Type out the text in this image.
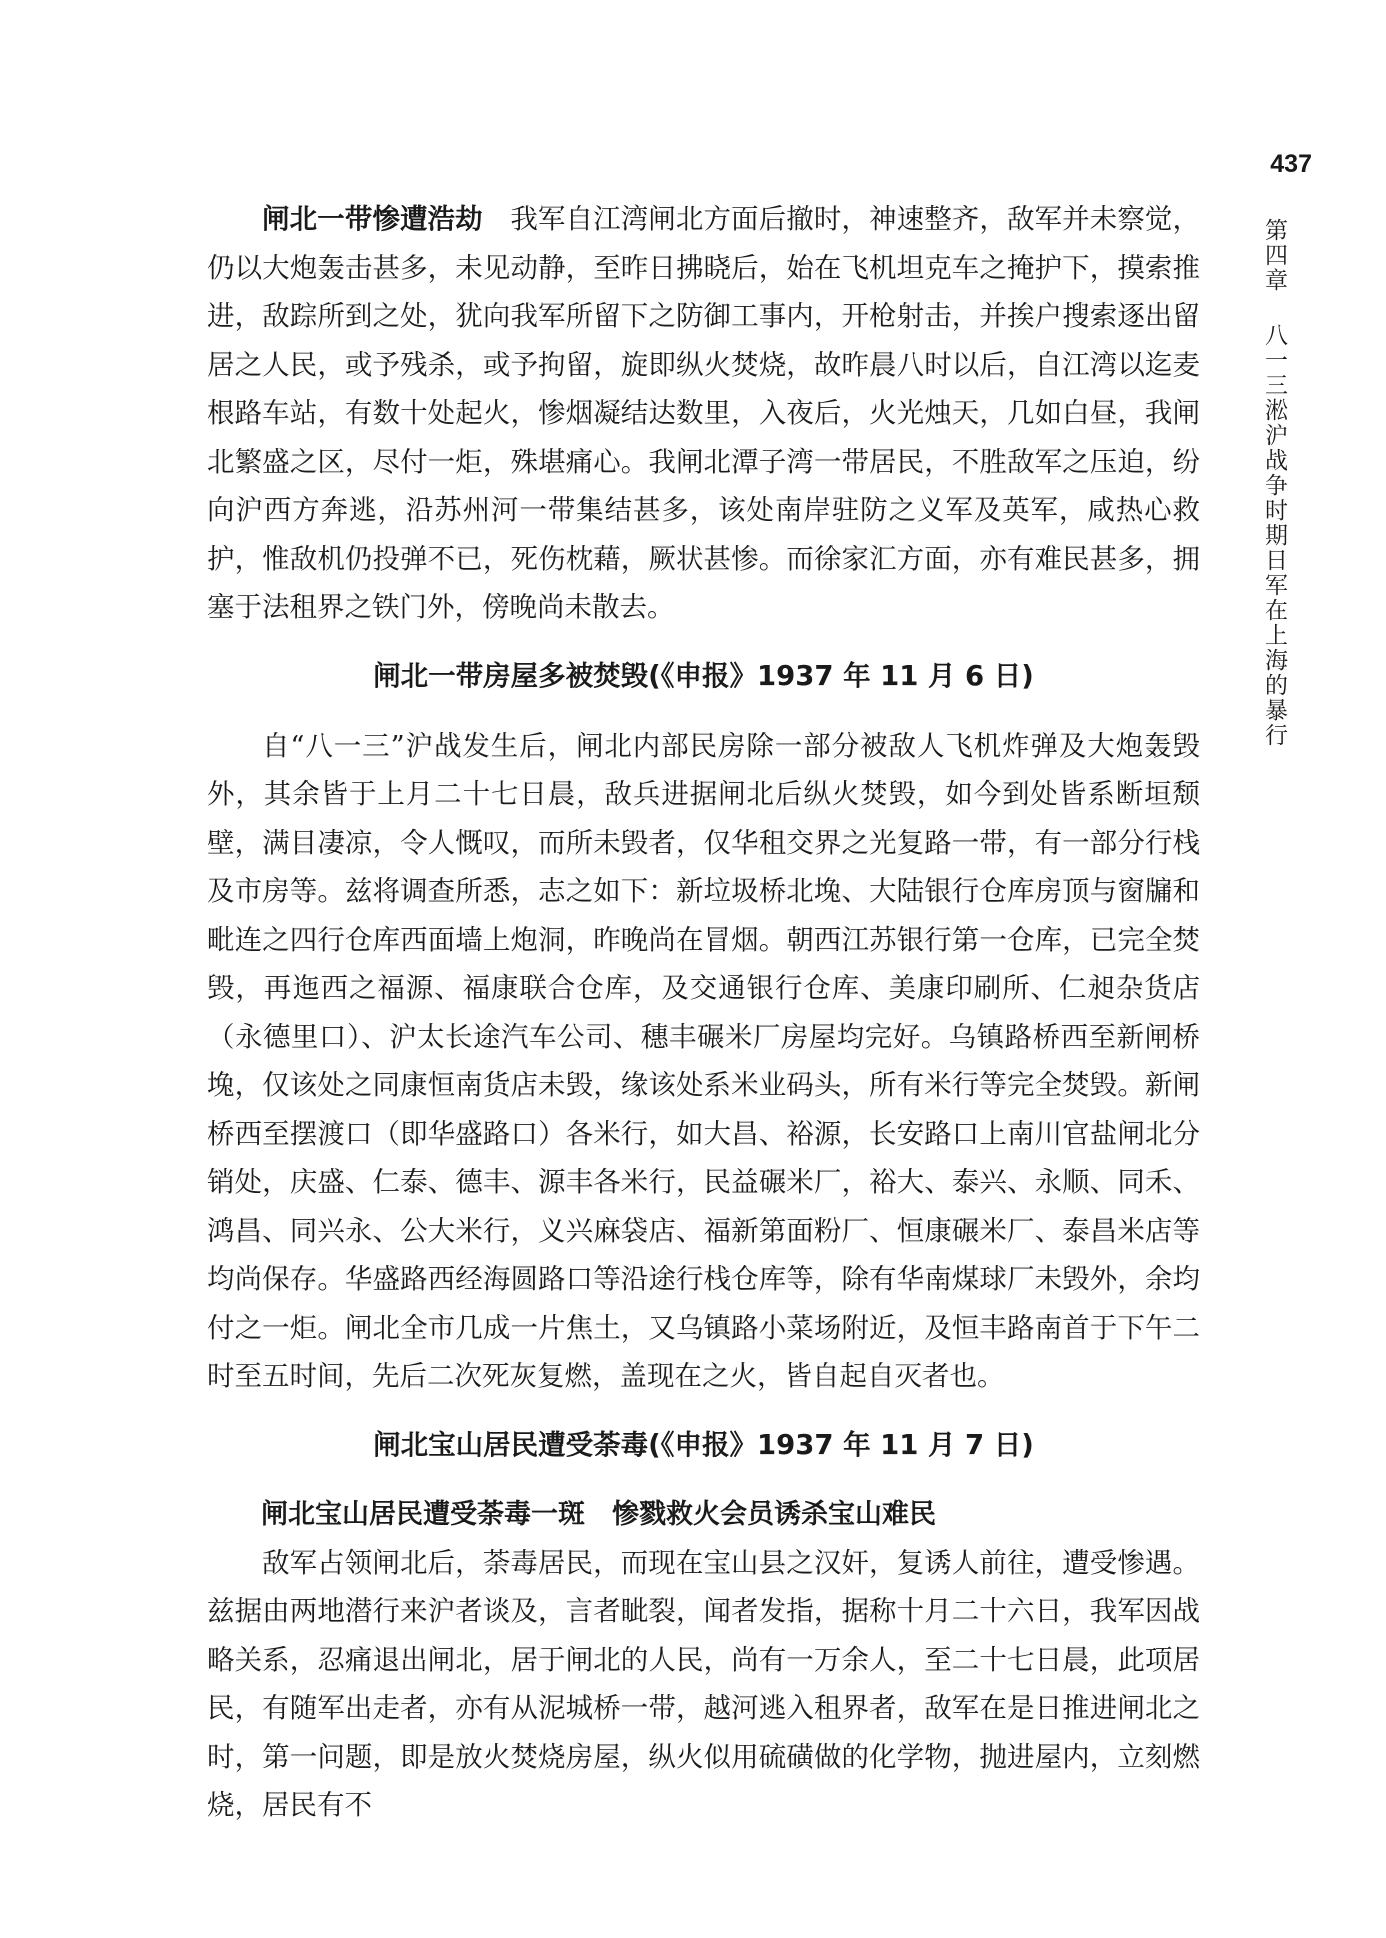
437
第四章八一三淞沪战争时期日军在上海的暴行

闸北一带惨遭浩劫　 我军自江湾闸北方面后撤时，神速整齐，敌军并未察觉，仍以大炮轰击甚多，未见动静，至昨日拂晓后，始在飞机坦克车之掩护下，摸索推进，敌踪所到之处，犹向我军所留下之防御工事内，开枪射击，并挨户搜索逐出留居之人民，或予残杀，或予拘留，旋即纵火焚烧，故昨晨八时以后，自江湾以迄麦根路车站，有数十处起火，惨烟凝结达数里，入夜后，火光烛天，几如白昼，我闸北繁盛之区，尽付一炬，殊堪痛心。我闸北潭子湾一带居民，不胜敌军之压迫，纷向沪西方奔逃，沿苏州河一带集结甚多，该处南岸驻防之义军及英军，咸热心救护，惟敌机仍投弹不已，死伤枕藉，厥状甚惨。而徐家汇方面，亦有难民甚多，拥塞于法租界之铁门外，傍晚尚未散去。

闸北一带房屋多被焚毁(《申报》1937 年 11 月 6 日)

自“八一三”沪战发生后，闸北内部民房除一部分被敌人飞机炸弹及大炮轰毁外，其余皆于上月二十七日晨，敌兵进据闸北后纵火焚毁，如今到处皆系断垣颓壁，满目凄凉，令人慨叹，而所未毁者，仅华租交界之光复路一带，有一部分行栈及市房等。兹将调查所悉，志之如下：新垃圾桥北堍、大陆银行仓库房顶与窗牖和毗连之四行仓库西面墙上炮洞，昨晚尚在冒烟。朝西江苏银行第一仓库，已完全焚毁，再迤西之福源、福康联合仓库，及交通银行仓库、美康印刷所、仁昶杂货店（永德里口）、沪太长途汽车公司、穗丰碾米厂房屋均完好。乌镇路桥西至新闸桥堍，仅该处之同康恒南货店未毁，缘该处系米业码头，所有米行等完全焚毁。新闸桥西至摆渡口（即华盛路口）各米行，如大昌、裕源，长安路口上南川官盐闸北分销处，庆盛、仁泰、德丰、源丰各米行，民益碾米厂，裕大、泰兴、永顺、同禾、鸿昌、同兴永、公大米行，义兴麻袋店、福新第面粉厂、恒康碾米厂、泰昌米店等均尚保存。华盛路西经海圆路口等沿途行栈仓库等，除有华南煤球厂未毁外，余均付之一炬。闸北全市几成一片焦土，又乌镇路小菜场附近，及恒丰路南首于下午二时至五时间，先后二次死灰复燃，盖现在之火，皆自起自灭者也。

闸北宝山居民遭受荼毒(《申报》1937 年 11 月 7 日)

闸北宝山居民遭受荼毒一斑　惨戮救火会员诱杀宝山难民

敌军占领闸北后，荼毒居民，而现在宝山县之汉奸，复诱人前往，遭受惨遇。兹据由两地潜行来沪者谈及，言者眦裂，闻者发指，据称十月二十六日，我军因战略关系，忍痛退出闸北，居于闸北的人民，尚有一万余人，至二十七日晨，此项居民，有随军出走者，亦有从泥城桥一带，越河逃入租界者，敌军在是日推进闸北之时，第一问题，即是放火焚烧房屋，纵火似用硫磺做的化学物，抛进屋内，立刻燃烧，居民有不
